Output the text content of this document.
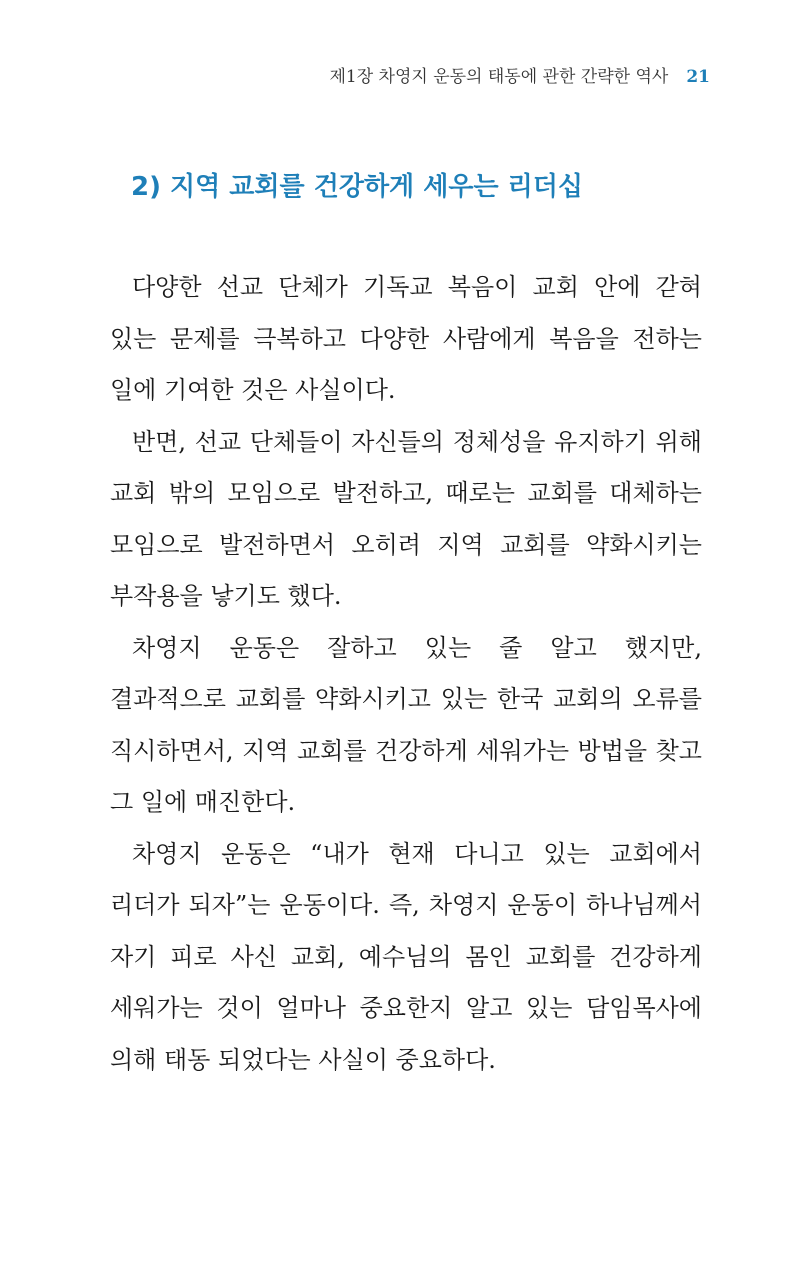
제1장 차영지 운동의 태동에 관한 간략한 역사 21
2) 지역 교회를 건강하게 세우는 리더십

다양한 선교 단체가 기독교 복음이 교회 안에 갇혀 있는 문제를 극복하고 다양한 사람에게 복음을 전하는 일에 기여한 것은 사실이다.

반면, 선교 단체들이 자신들의 정체성을 유지하기 위해 교회 밖의 모임으로 발전하고, 때로는 교회를 대체하는 모임으로 발전하면서 오히려 지역 교회를 약화시키는 부작용을 낳기도 했다.

차영지 운동은 잘하고 있는 줄 알고 했지만, 결과적으로 교회를 약화시키고 있는 한국 교회의 오류를 직시하면서, 지역 교회를 건강하게 세워가는 방법을 찾고 그 일에 매진한다.

차영지 운동은 “내가 현재 다니고 있는 교회에서 리더가 되자”는 운동이다. 즉, 차영지 운동이 하나님께서 자기 피로 사신 교회, 예수님의 몸인 교회를 건강하게 세워가는 것이 얼마나 중요한지 알고 있는 담임목사에 의해 태동 되었다는 사실이 중요하다.
